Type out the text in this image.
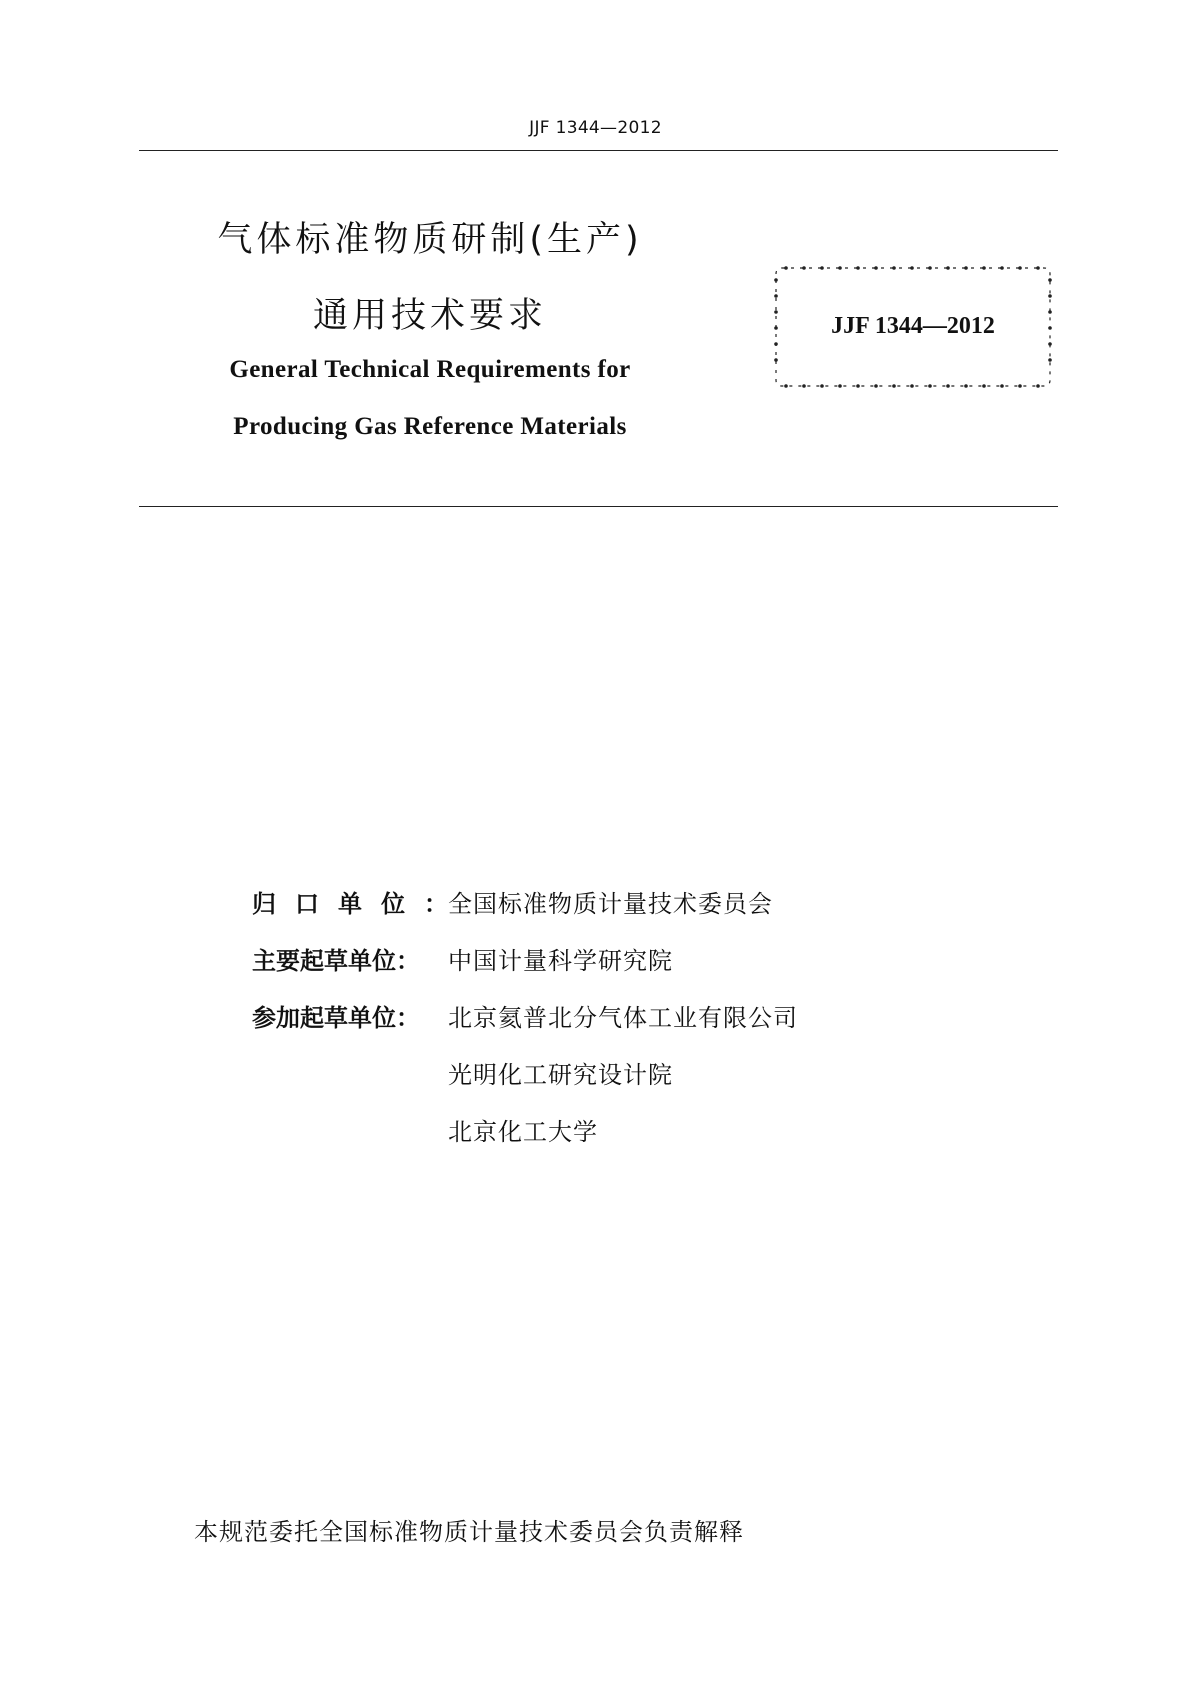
JJF 1344—2012
气体标准物质研制(生产)
通用技术要求
General Technical Requirements for
Producing Gas Reference Materials
JJF 1344—2012
归口单位：
全国标准物质计量技术委员会
主要起草单位： 中国计量科学研究院
参加起草单位： 北京氦普北分气体工业有限公司
光明化工研究设计院
北京化工大学
本规范委托全国标准物质计量技术委员会负责解释
